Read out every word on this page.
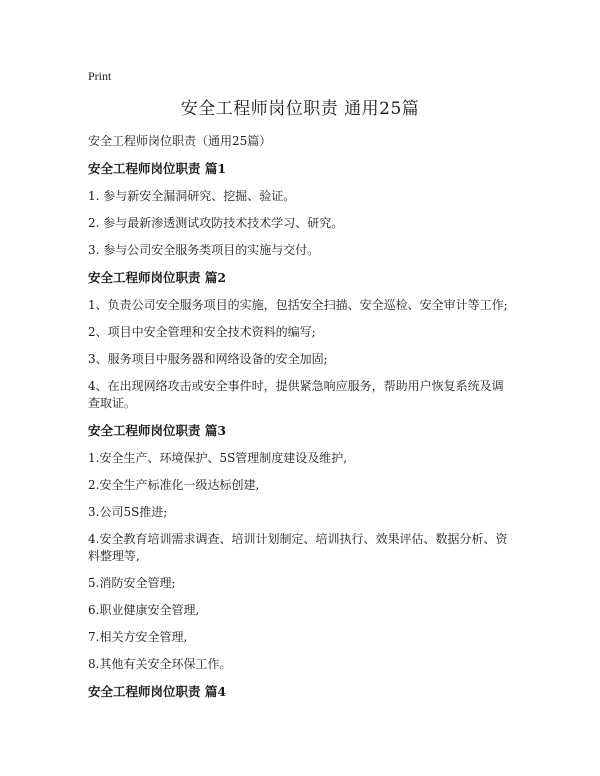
Print
安全工程师岗位职责 通用25篇

安全工程师岗位职责（通用25篇）

安全工程师岗位职责 篇1

1. 参与新安全漏洞研究、挖掘、验证。

2. 参与最新渗透测试攻防技术技术学习、研究。

3. 参与公司安全服务类项目的实施与交付。

安全工程师岗位职责 篇2

1、负责公司安全服务项目的实施，包括安全扫描、安全巡检、安全审计等工作;

2、项目中安全管理和安全技术资料的编写;

3、服务项目中服务器和网络设备的安全加固;

4、在出现网络攻击或安全事件时，提供紧急响应服务，帮助用户恢复系统及调查取证。

安全工程师岗位职责 篇3

1.安全生产、环境保护、5S管理制度建设及维护,

2.安全生产标准化一级达标创建,

3.公司5S推进;

4.安全教育培训需求调查、培训计划制定、培训执行、效果评估、数据分析、资料整理等,

5.消防安全管理;

6.职业健康安全管理,

7.相关方安全管理,

8.其他有关安全环保工作。

安全工程师岗位职责 篇4
